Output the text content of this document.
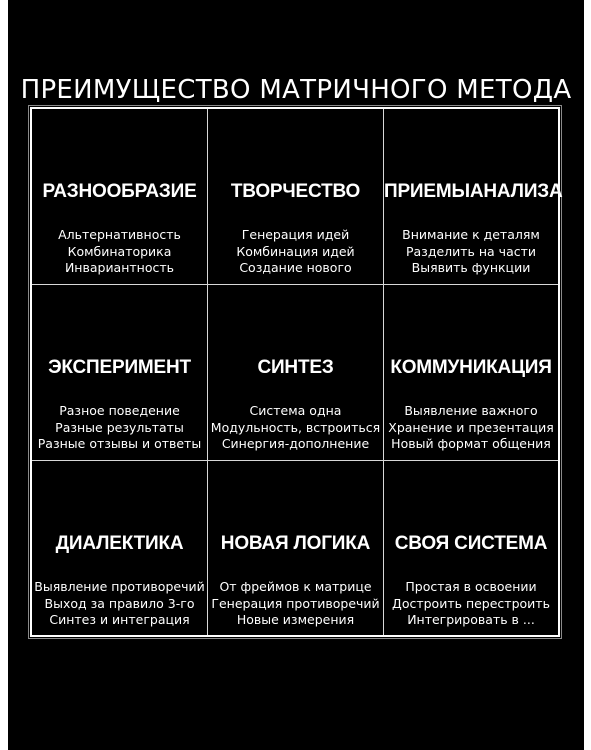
ПРЕИМУЩЕСТВО МАТРИЧНОГО МЕТОДА
РАЗНООБРАЗИЕ
Альтернативность
Комбинаторика
Инвариантность
ТВОРЧЕСТВО
Генерация идей
Комбинация идей
Создание нового
ПРИЕМЫАНАЛИЗА
Внимание к деталям
Разделить на части
Выявить функции
ЭКСПЕРИМЕНТ
Разное поведение
Разные результаты
Разные отзывы и ответы
СИНТЕЗ
Система одна
Модульность, встроиться
Синергия-дополнение
КОММУНИКАЦИЯ
Выявление важного
Хранение и презентация
Новый формат общения
ДИАЛЕКТИКА
Выявление противоречий
Выход за правило 3-го
Синтез и интеграция
НОВАЯ ЛОГИКА
От фреймов к матрице
Генерация противоречий
Новые измерения
СВОЯ СИСТЕМА
Простая в освоении
Достроить перестроить
Интегрировать в ...
